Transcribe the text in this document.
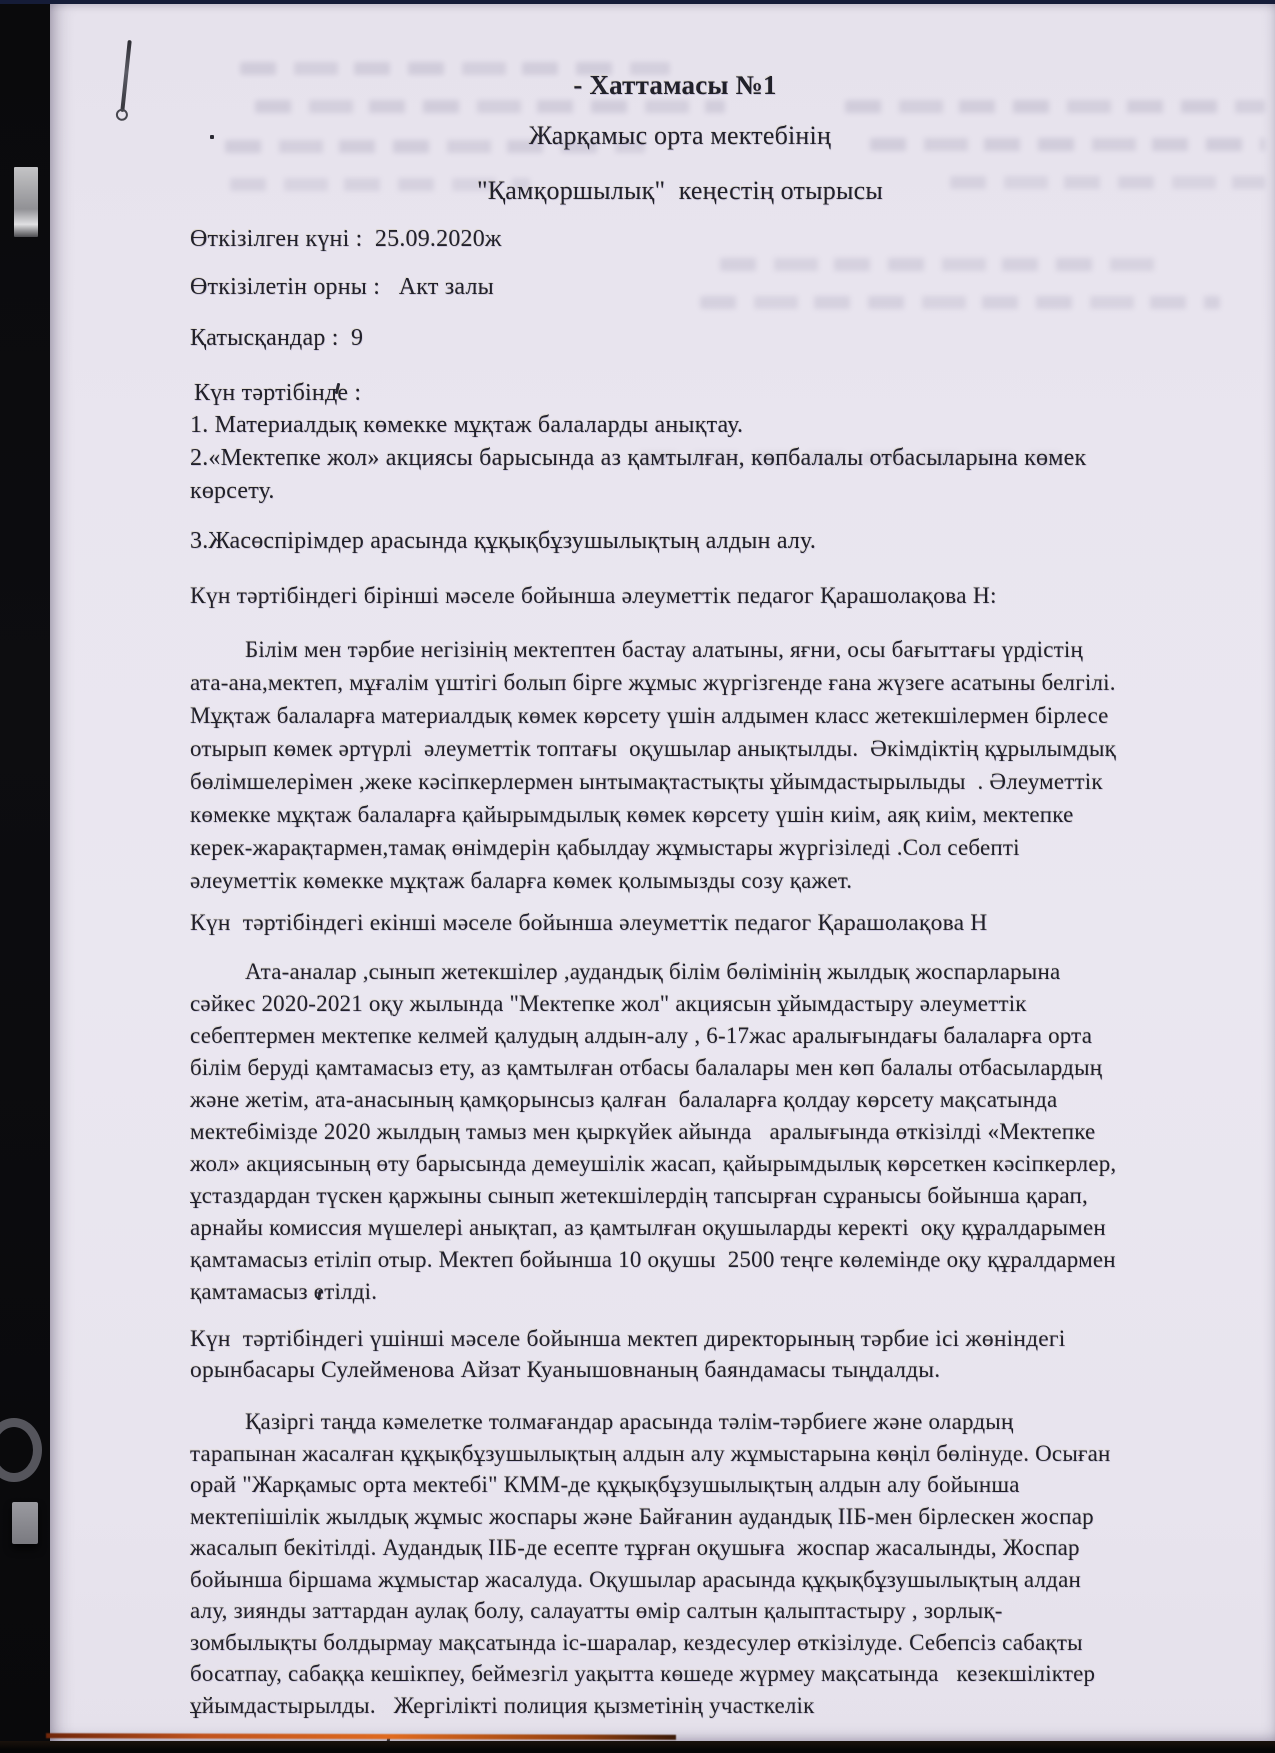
- Хаттамасы №1
Жарқамыс орта мектебінің
"Қамқоршылық"  кеңестің отырысы
Өткізілген күні :  25.09.2020ж
Өткізілетін орны :   Акт залы
Қатысқандар :  9
Күн тәртібінде :
1. Материалдық көмекке мұқтаж балаларды анықтау.
2.«Мектепке жол» акциясы барысында аз қамтылған, көпбалалы отбасыларына көмек көрсету.
3.Жасөспірімдер арасында құқықбұзушылықтың алдын алу.
Күн тәртібіндегі бірінші мәселе бойынша әлеуметтік педагог Қарашолақова Н:
Білім мен тәрбие негізінің мектептен бастау алатыны, яғни, осы бағыттағы үрдістің ата-ана,мектеп, мұғалім үштігі болып бірге жұмыс жүргізгенде ғана жүзеге асатыны белгілі. Мұқтаж балаларға материалдық көмек көрсету үшін алдымен класс жетекшілермен бірлесе отырып көмек әртүрлі  әлеуметтік топтағы  оқушылар анықтылды.  Әкімдіктің құрылымдық  бөлімшелерімен ,жеке кәсіпкерлермен ынтымақтастықты ұйымдастырылыды  . Әлеуметтік көмекке мұқтаж балаларға қайырымдылық көмек көрсету үшін киім, аяқ киім, мектепке керек-жарақтармен,тамақ өнімдерін қабылдау жұмыстары жүргізіледі .Сол себепті әлеуметтік көмекке мұқтаж баларға көмек қолымызды созу қажет.
Күн  тәртібіндегі екінші мәселе бойынша әлеуметтік педагог Қарашолақова Н
Ата-аналар ,сынып жетекшілер ,аудандық білім бөлімінің жылдық жоспарларына сәйкес 2020-2021 оқу жылында "Мектепке жол" акциясын ұйымдастыру әлеуметтік себептермен мектепке келмей қалудың алдын-алу , 6-17жас аралығындағы балаларға орта білім беруді қамтамасыз ету, аз қамтылған отбасы балалары мен көп балалы отбасылардың  және жетім, ата-анасының қамқорынсыз қалған  балаларға қолдау көрсету мақсатында мектебімізде 2020 жылдың тамыз мен қыркүйек айында   аралығында өткізілді «Мектепке жол» акциясының өту барысында демеушілік жасап, қайырымдылық көрсеткен кәсіпкерлер, ұстаздардан түскен қаржыны сынып жетекшілердің тапсырған сұранысы бойынша қарап, арнайы комиссия мүшелері анықтап, аз қамтылған оқушыларды керекті  оқу құралдарымен қамтамасыз етіліп отыр. Мектеп бойынша 10 оқушы  2500 теңге көлемінде оқу құралдармен қамтамасыз етілді.
Күн  тәртібіндегі үшінші мәселе бойынша мектеп директорының тәрбие ісі жөніндегі орынбасары Сулейменова Айзат Куанышовнаның баяндамасы тыңдалды.
Қазіргі таңда кәмелетке толмағандар арасында тәлім-тәрбиеге және олардың тарапынан жасалған құқықбұзушылықтың алдын алу жұмыстарына көңіл бөлінуде. Осыған орай "Жарқамыс орта мектебі" КММ-де құқықбұзушылықтың алдын алу бойынша  мектепішілік жылдық жұмыс жоспары және Байғанин аудандық ІІБ-мен бірлескен жоспар жасалып бекітілді. Аудандық ІІБ-де есепте тұрған оқушыға  жоспар жасалынды, Жоспар бойынша біршама жұмыстар жасалуда. Оқушылар арасында құқықбұзушылықтың алдан алу, зиянды заттардан аулақ болу, салауатты өмір салтын қалыптастыру , зорлық-зомбылықты болдырмау мақсатында іс-шаралар, кездесулер өткізілуде. Себепсіз сабақты босатпау, сабаққа кешікпеу, беймезгіл уақытта көшеде жүрмеу мақсатында   кезекшіліктер ұйымдастырылды.   Жергілікті полиция қызметінің участкелік
